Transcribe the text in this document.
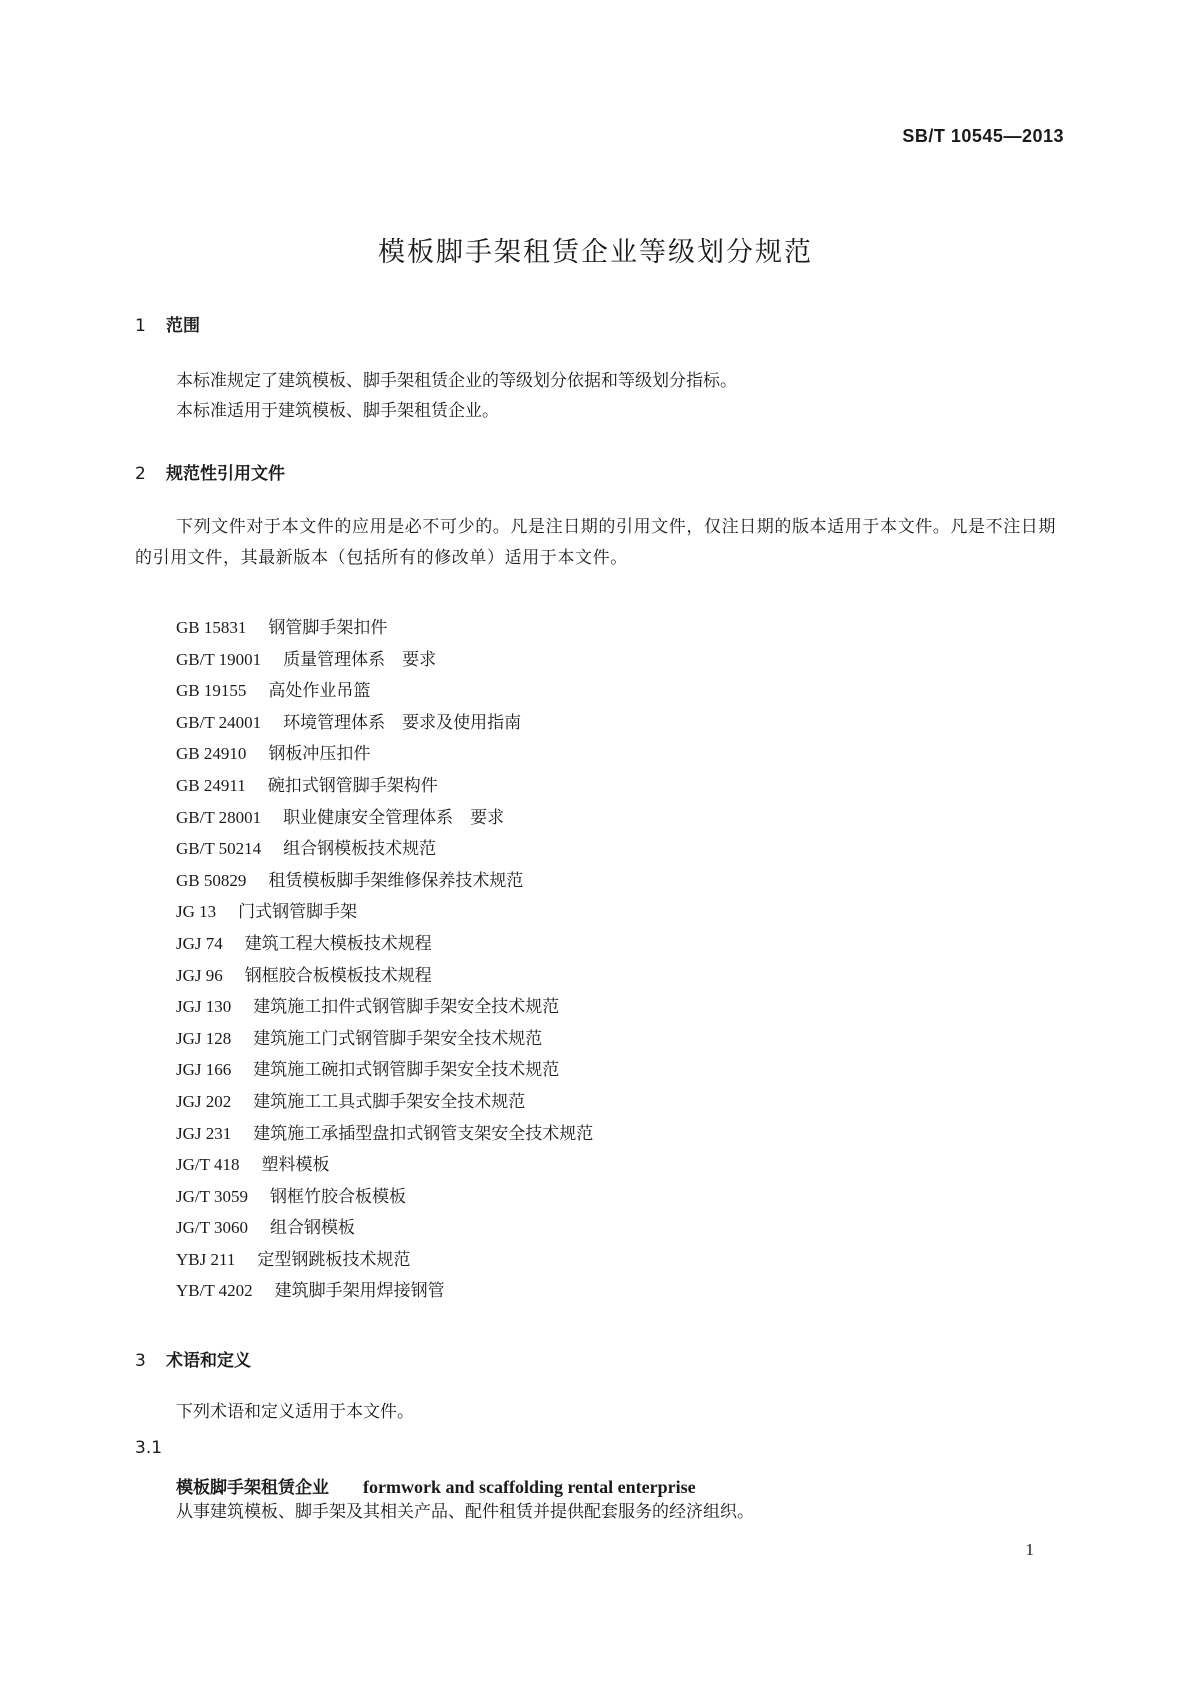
SB/T 10545—2013
模板脚手架租赁企业等级划分规范
1 范围

本标准规定了建筑模板、脚手架租赁企业的等级划分依据和等级划分指标。

本标准适用于建筑模板、脚手架租赁企业。

2 规范性引用文件

下列文件对于本文件的应用是必不可少的。凡是注日期的引用文件，仅注日期的版本适用于本文件。凡是不注日期的引用文件，其最新版本（包括所有的修改单）适用于本文件。

GB 15831 钢管脚手架扣件
GB/T 19001 质量管理体系　要求
GB 19155 高处作业吊篮
GB/T 24001 环境管理体系　要求及使用指南
GB 24910 钢板冲压扣件
GB 24911 碗扣式钢管脚手架构件
GB/T 28001 职业健康安全管理体系　要求
GB/T 50214 组合钢模板技术规范
GB 50829 租赁模板脚手架维修保养技术规范
JG 13 门式钢管脚手架
JGJ 74 建筑工程大模板技术规程
JGJ 96 钢框胶合板模板技术规程
JGJ 130 建筑施工扣件式钢管脚手架安全技术规范
JGJ 128 建筑施工门式钢管脚手架安全技术规范
JGJ 166 建筑施工碗扣式钢管脚手架安全技术规范
JGJ 202 建筑施工工具式脚手架安全技术规范
JGJ 231 建筑施工承插型盘扣式钢管支架安全技术规范
JG/T 418 塑料模板
JG/T 3059 钢框竹胶合板模板
JG/T 3060 组合钢模板
YBJ 211 定型钢跳板技术规范
YB/T 4202 建筑脚手架用焊接钢管
3 术语和定义

下列术语和定义适用于本文件。

3.1
模板脚手架租赁企业 formwork and scaffolding rental enterprise

从事建筑模板、脚手架及其相关产品、配件租赁并提供配套服务的经济组织。

1
